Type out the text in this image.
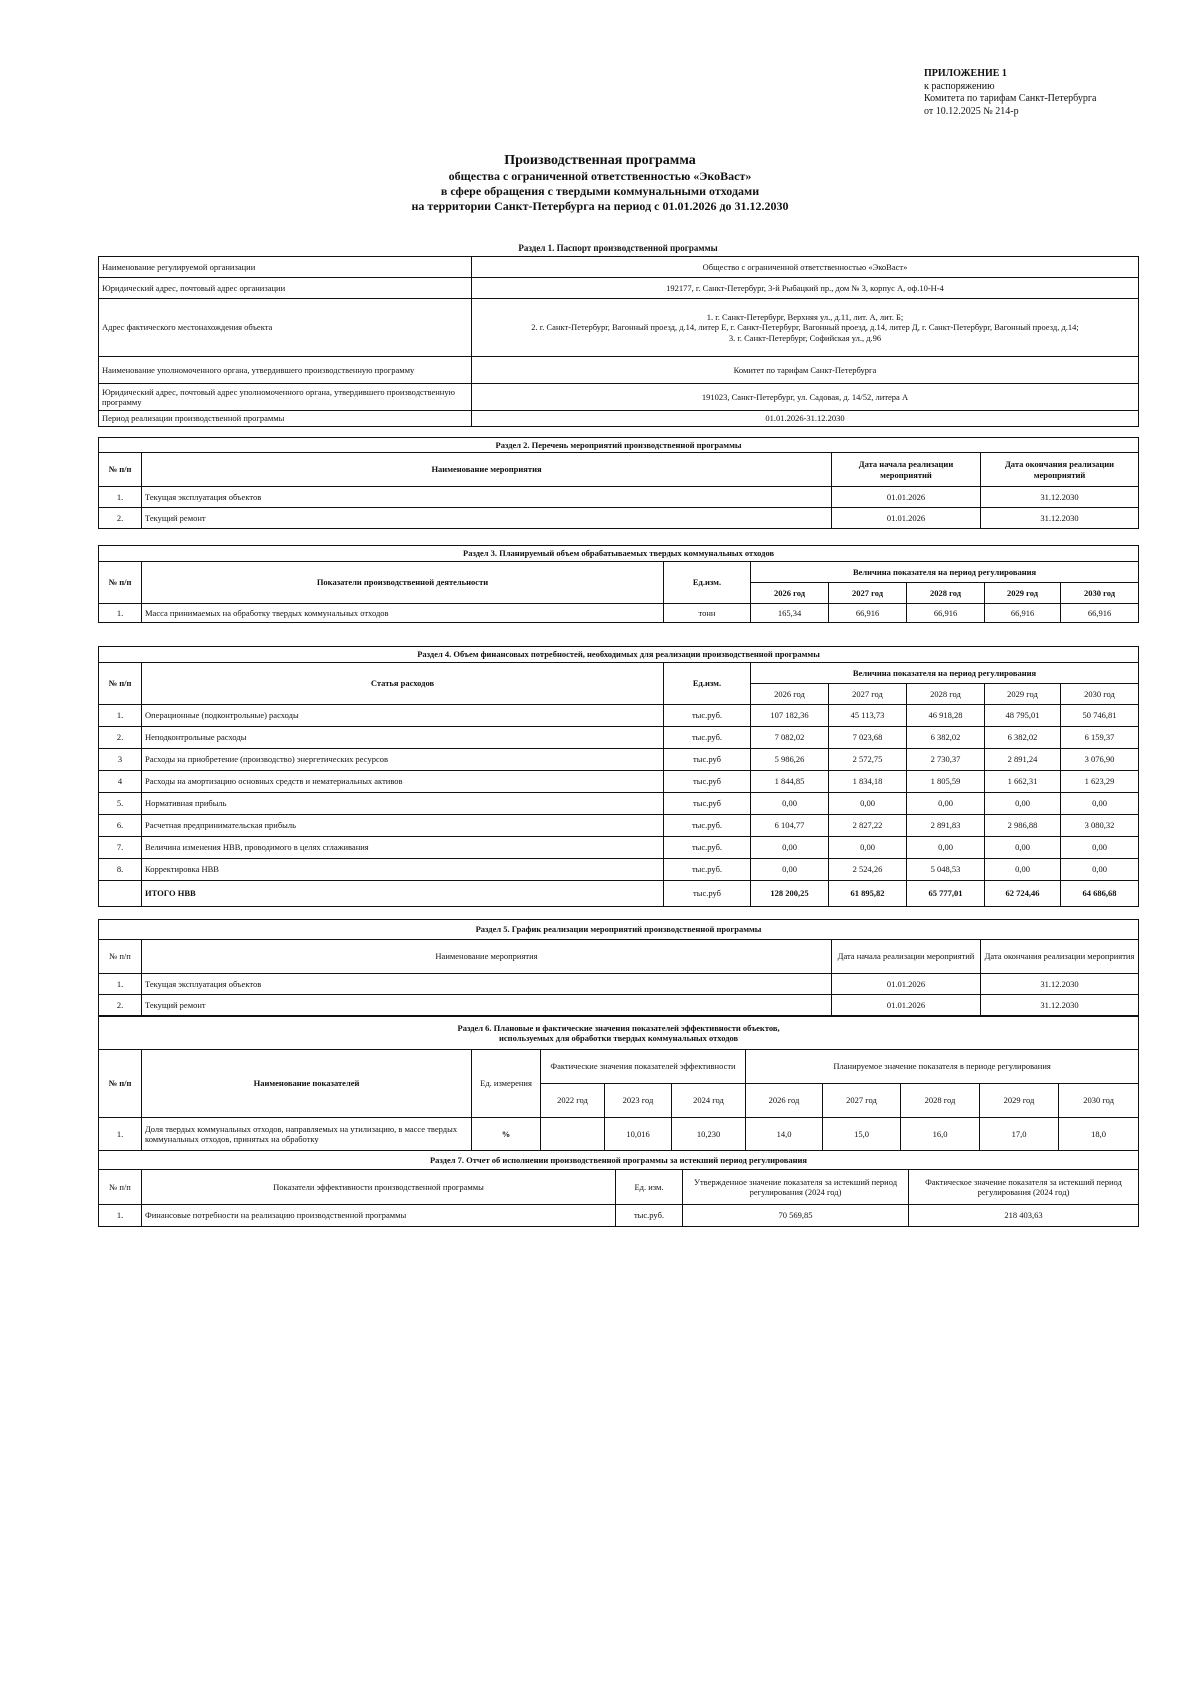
ПРИЛОЖЕНИЕ 1
к распоряжению
Комитета по тарифам Санкт-Петербурга
от 10.12.2025 № 214-р
Производственная программа
общества с ограниченной ответственностью «ЭкоВаст»
в сфере обращения с твердыми коммунальными отходами
на территории Санкт-Петербурга на период с 01.01.2026 до 31.12.2030
Раздел 1. Паспорт производственной программы
Наименование регулируемой организации	Общество с ограниченной ответственностью «ЭкоВаст»
Юридический адрес, почтовый адрес организации	192177, г. Санкт-Петербург, 3-й Рыбацкий пр., дом № 3, корпус А, оф.10-Н-4
Адрес фактического местонахождения объекта	1. г. Санкт-Петербург, Верхняя ул., д.11, лит. А, лит. Б;
2. г. Санкт-Петербург, Вагонный проезд, д.14, литер Е, г. Санкт-Петербург, Вагонный проезд, д.14, литер Д, г. Санкт-Петербург, Вагонный проезд, д.14;
3. г. Санкт-Петербург, Софийская ул., д.96

Наименование уполномоченного органа, утвердившего производственную программу	Комитет по тарифам Санкт-Петербурга
Юридический адрес, почтовый адрес уполномоченного органа, утвердившего производственную программу	191023, Санкт-Петербург, ул. Садовая, д. 14/52, литера А
Период реализации производственной программы	01.01.2026-31.12.2030
Раздел 2. Перечень мероприятий производственной программы			
№ п/п	Наименование мероприятия	Дата начала реализации мероприятий	Дата окончания реализации мероприятий
1.	Текущая эксплуатация объектов	01.01.2026	31.12.2030
2.	Текущий ремонт	01.01.2026	31.12.2030
Раздел 3. Планируемый объем обрабатываемых твердых коммунальных отходов							
№ п/п	Показатели производственной деятельности	Ед.изм.	Величина показателя на период регулирования				
			2026 год	2027 год	2028 год	2029 год	2030 год
1.	Масса принимаемых на обработку твердых коммунальных отходов	тонн	165,34	66,916	66,916	66,916	66,916
Раздел 4. Объем финансовых потребностей, необходимых для реализации производственной программы							
№ п/п	Статья расходов	Ед.изм.	Величина показателя на период регулирования				
			2026 год	2027 год	2028 год	2029 год	2030 год
1.	Операционные (подконтрольные) расходы	тыс.руб.	107 182,36	45 113,73	46 918,28	48 795,01	50 746,81
2.	Неподконтрольные расходы	тыс.руб.	7 082,02	7 023,68	6 382,02	6 382,02	6 159,37
3	Расходы на приобретение (производство) энергетических ресурсов	тыс.руб	5 986,26	2 572,75	2 730,37	2 891,24	3 076,90
4	Расходы на амортизацию основных средств и нематериальных активов	тыс.руб	1 844,85	1 834,18	1 805,59	1 662,31	1 623,29
5.	Нормативная прибыль	тыс.руб	0,00	0,00	0,00	0,00	0,00
6.	Расчетная предпринимательская прибыль	тыс.руб.	6 104,77	2 827,22	2 891,83	2 986,88	3 080,32
7.	Величина изменения НВВ, проводимого в целях сглаживания	тыс.руб.	0,00	0,00	0,00	0,00	0,00
8.	Корректировка НВВ	тыс.руб.	0,00	2 524,26	5 048,53	0,00	0,00
	ИТОГО НВВ	тыс.руб	128 200,25	61 895,82	65 777,01	62 724,46	64 686,68
Раздел 5. График реализации мероприятий производственной программы			
№ п/п	Наименование мероприятия	Дата начала реализации мероприятий	Дата окончания реализации мероприятия
1.	Текущая эксплуатация объектов	01.01.2026	31.12.2030
2.	Текущий ремонт	01.01.2026	31.12.2030
Раздел 6. Плановые и фактические значения показателей эффективности объектов,
используемых для обработки твердых коммунальных отходов										

№ п/п	Наименование показателей	Ед. измерения	Фактические значения показателей эффективности			Планируемое значение показателя в периоде регулирования				
			2022 год	2023 год	2024 год	2026 год	2027 год	2028 год	2029 год	2030 год
1.	Доля твердых коммунальных отходов, направляемых на утилизацию, в массе твердых коммунальных отходов, принятых на обработку	%		10,016	10,230	14,0	15,0	16,0	17,0	18,0
Раздел 7. Отчет об исполнении производственной программы за истекший период регулирования				
№ п/п	Показатели эффективности производственной программы	Ед. изм.	Утвержденное значение показателя за истекший период регулирования (2024 год)	Фактическое значение показателя за истекший период регулирования (2024 год)
1.	Финансовые потребности на реализацию производственной программы	тыс.руб.	70 569,85	218 403,63
